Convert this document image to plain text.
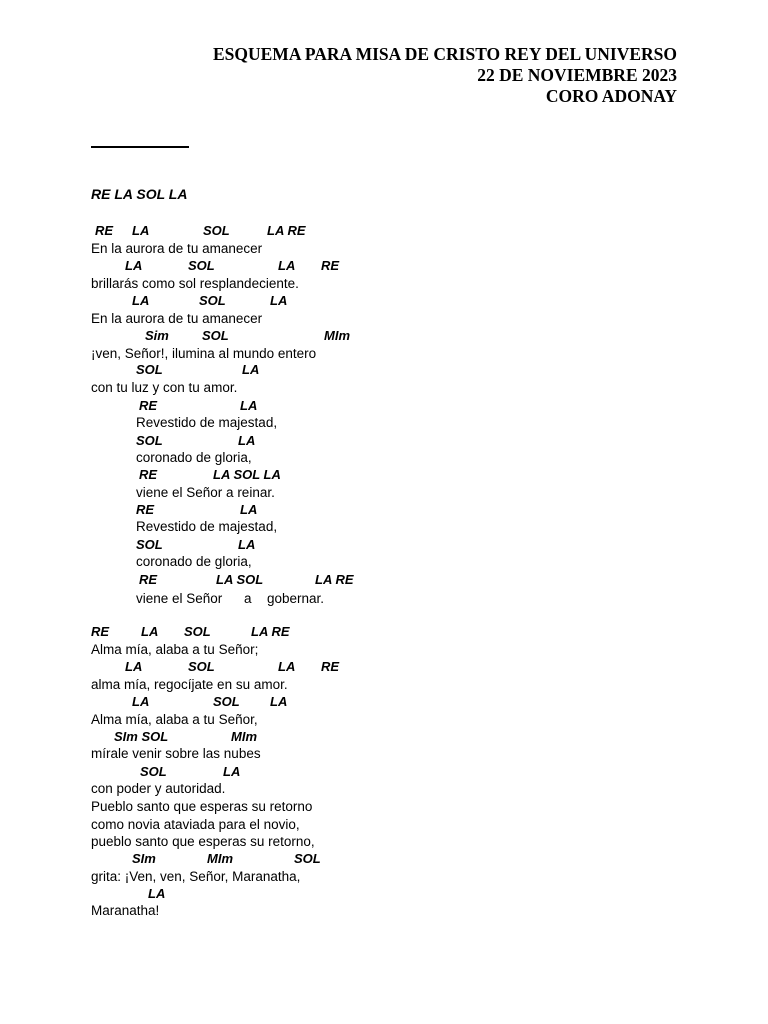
ESQUEMA PARA MISA DE CRISTO REY DEL UNIVERSO
22 DE NOVIEMBRE 2023
CORO ADONAY
RE LA SOL LA
RE LA	SOL	LA RE
En la aurora de tu amanecer
LA	SOL	LA RE
brillarás como sol resplandeciente.
LA	SOL	LA
En la aurora de tu amanecer
Sim	SOL	MIm
¡ven, Señor!, ilumina al mundo entero
SOL	LA
con tu luz y con tu amor.
RE	LA
Revestido de majestad,
SOL	LA
coronado de gloria,
RE	LA SOL LA
viene el Señor a reinar.
RE	LA
Revestido de majestad,
SOL	LA
coronado de gloria,
RE	LA SOL	LA RE
viene el Señor a gobernar.
RE LA SOL	LA RE
Alma mía, alaba a tu Señor;
LA	SOL	LA RE
alma mía, regocíjate en su amor.
LA	SOL LA
Alma mía, alaba a tu Señor,
SIm SOL	MIm
mírale venir sobre las nubes
SOL	LA
con poder y autoridad.
Pueblo santo que esperas su retorno
como novia ataviada para el novio,
pueblo santo que esperas su retorno,
SIm	MIm	SOL
grita: ¡Ven, ven, Señor, Maranatha,
LA
Maranatha!
